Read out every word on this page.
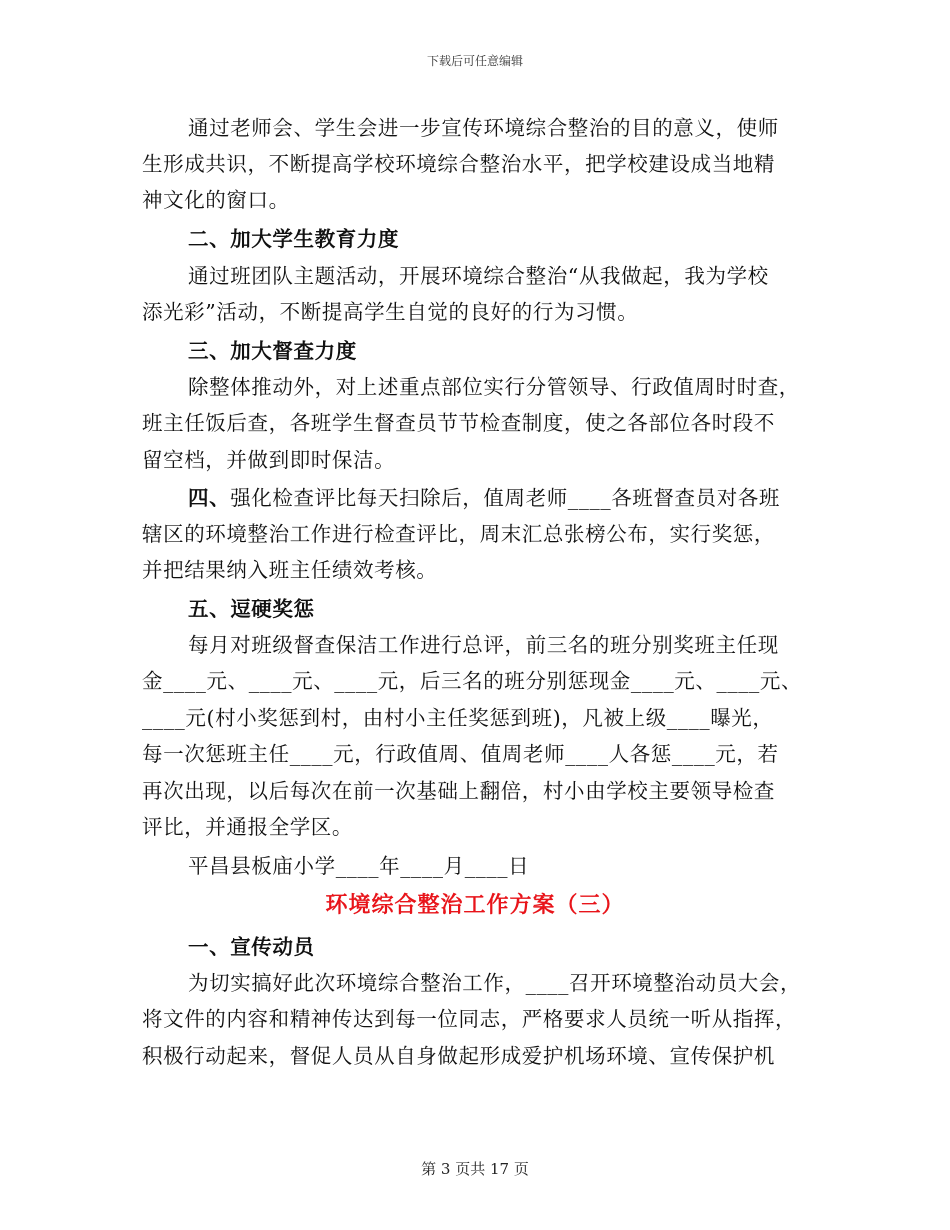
下载后可任意编辑
通过老师会、学生会进一步宣传环境综合整治的目的意义，使师
生形成共识，不断提高学校环境综合整治水平，把学校建设成当地精
神文化的窗口。
二、加大学生教育力度
通过班团队主题活动，开展环境综合整治“从我做起，我为学校
添光彩”活动，不断提高学生自觉的良好的行为习惯。
三、加大督查力度
除整体推动外，对上述重点部位实行分管领导、行政值周时时查，
班主任饭后查，各班学生督查员节节检查制度，使之各部位各时段不
留空档，并做到即时保洁。
四、强化检查评比每天扫除后，值周老师____各班督查员对各班
辖区的环境整治工作进行检查评比，周末汇总张榜公布，实行奖惩，
并把结果纳入班主任绩效考核。
五、逗硬奖惩
每月对班级督查保洁工作进行总评，前三名的班分别奖班主任现
金____元、____元、____元，后三名的班分别惩现金____元、____元、
____元(村小奖惩到村，由村小主任奖惩到班)，凡被上级____曝光，
每一次惩班主任____元，行政值周、值周老师____人各惩____元，若
再次出现，以后每次在前一次基础上翻倍，村小由学校主要领导检查
评比，并通报全学区。
平昌县板庙小学____年____月____日
环境综合整治工作方案（三）
一、宣传动员
为切实搞好此次环境综合整治工作，____召开环境整治动员大会，
将文件的内容和精神传达到每一位同志，严格要求人员统一听从指挥，
积极行动起来，督促人员从自身做起形成爱护机场环境、宣传保护机
第 3 页共 17 页
